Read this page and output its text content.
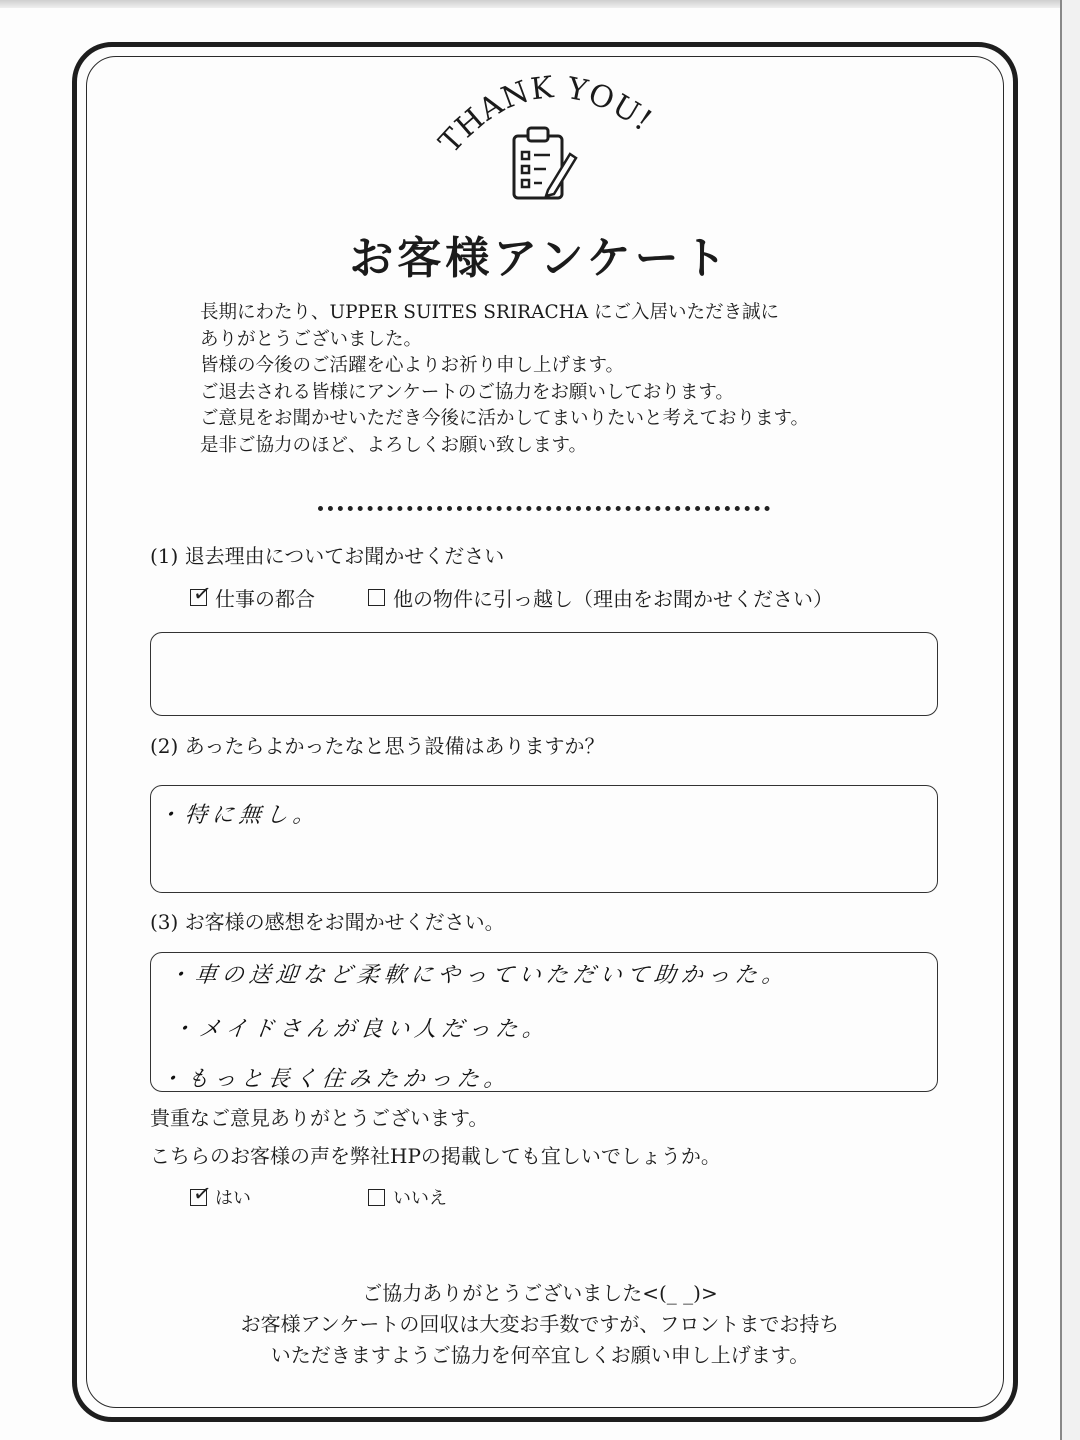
THANK YOU!
お客様アンケート
長期にわたり、UPPER SUITES SRIRACHA にご入居いただき誠に
ありがとうございました。
皆様の今後のご活躍を心よりお祈り申し上げます。
ご退去される皆様にアンケートのご協力をお願いしております。
ご意見をお聞かせいただき今後に活かしてまいりたいと考えております。
是非ご協力のほど、よろしくお願い致します。
(1) 退去理由についてお聞かせください
✓ 仕事の都合	他の物件に引っ越し（理由をお聞かせください）
(2) あったらよかったなと思う設備はありますか？
・特に無し。
(3) お客様の感想をお聞かせください。
・車の送迎など柔軟にやっていただいて助かった。
・メイドさんが良い人だった。
・もっと長く住みたかった。
貴重なご意見ありがとうございます。
こちらのお客様の声を弊社HPの掲載しても宜しいでしょうか。
✓ はい	いいえ
ご協力ありがとうございました<(_ _)>
お客様アンケートの回収は大変お手数ですが、フロントまでお持ち
いただきますようご協力を何卒宜しくお願い申し上げます。
